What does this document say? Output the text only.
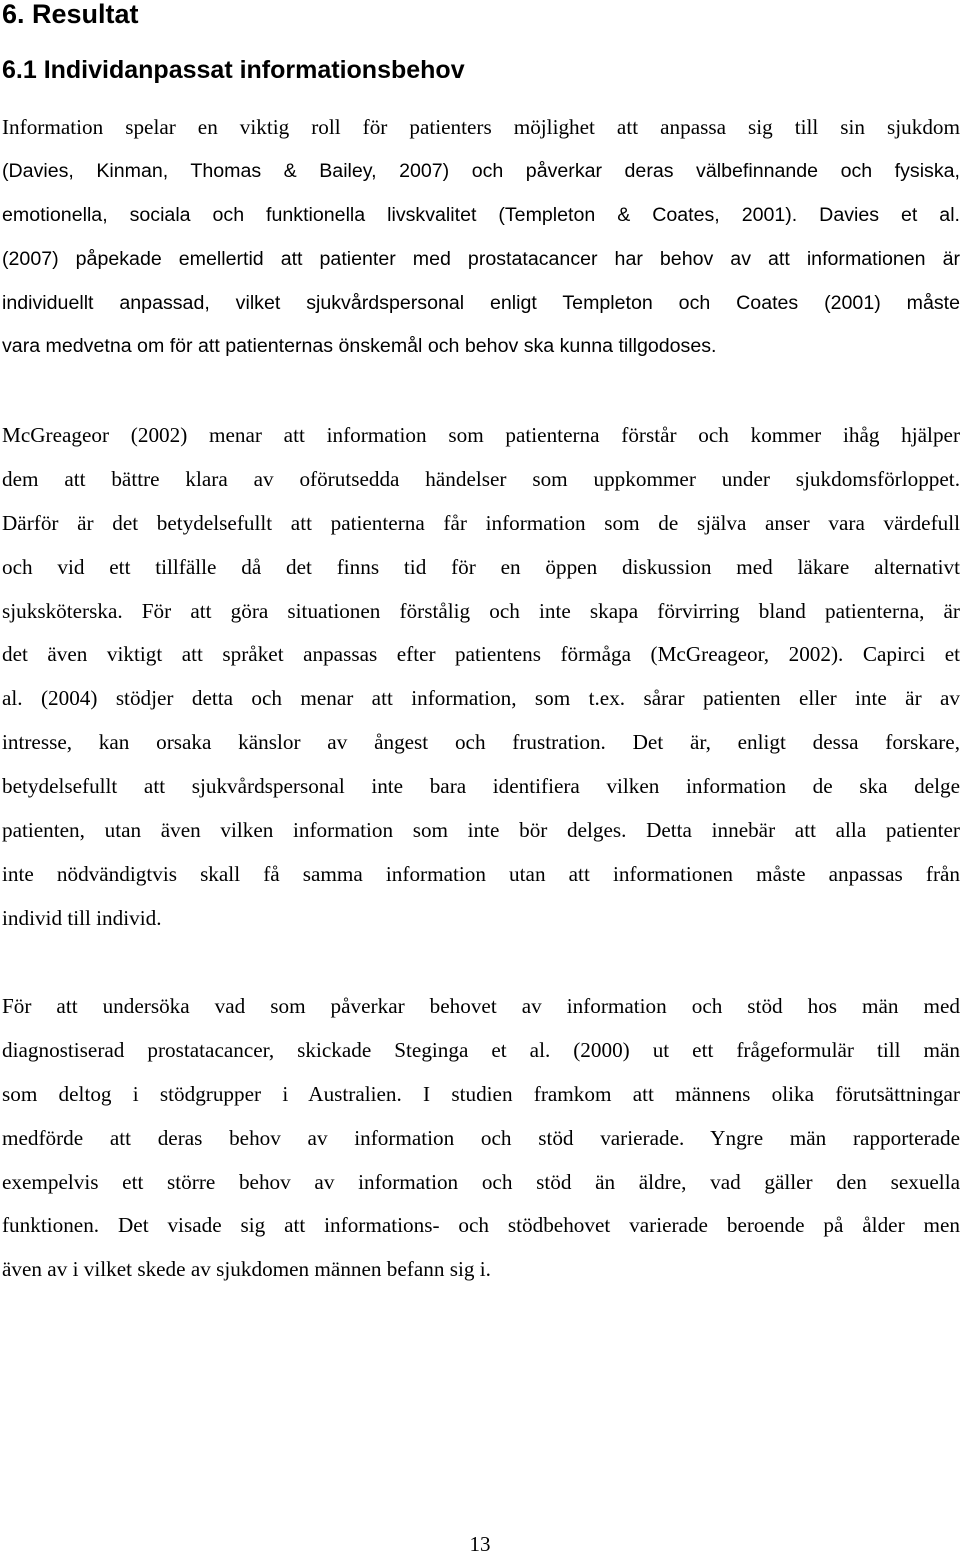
6. Resultat
6.1 Individanpassat informationsbehov
Information spelar en viktig roll för patienters möjlighet att anpassa sig till sin sjukdom
(Davies, Kinman, Thomas & Bailey, 2007) och påverkar deras välbefinnande och fysiska,
emotionella, sociala och funktionella livskvalitet (Templeton & Coates, 2001). Davies et al.
(2007) påpekade emellertid att patienter med prostatacancer har behov av att informationen är
individuellt anpassad, vilket sjukvårdspersonal enligt Templeton och Coates (2001) måste
vara medvetna om för att patienternas önskemål och behov ska kunna tillgodoses.
McGreageor (2002) menar att information som patienterna förstår och kommer ihåg hjälper
dem att bättre klara av oförutsedda händelser som uppkommer under sjukdomsförloppet.
Därför är det betydelsefullt att patienterna får information som de själva anser vara värdefull
och vid ett tillfälle då det finns tid för en öppen diskussion med läkare alternativt
sjuksköterska. För att göra situationen förstålig och inte skapa förvirring bland patienterna, är
det även viktigt att språket anpassas efter patientens förmåga (McGreageor, 2002). Capirci et
al. (2004) stödjer detta och menar att information, som t.ex. sårar patienten eller inte är av
intresse, kan orsaka känslor av ångest och frustration. Det är, enligt dessa forskare,
betydelsefullt att sjukvårdspersonal inte bara identifiera vilken information de ska delge
patienten, utan även vilken information som inte bör delges. Detta innebär att alla patienter
inte nödvändigtvis skall få samma information utan att informationen måste anpassas från
individ till individ.
För att undersöka vad som påverkar behovet av information och stöd hos män med
diagnostiserad prostatacancer, skickade Steginga et al. (2000) ut ett frågeformulär till män
som deltog i stödgrupper i Australien. I studien framkom att männens olika förutsättningar
medförde att deras behov av information och stöd varierade. Yngre män rapporterade
exempelvis ett större behov av information och stöd än äldre, vad gäller den sexuella
funktionen. Det visade sig att informations- och stödbehovet varierade beroende på ålder men
även av i vilket skede av sjukdomen männen befann sig i.
13
